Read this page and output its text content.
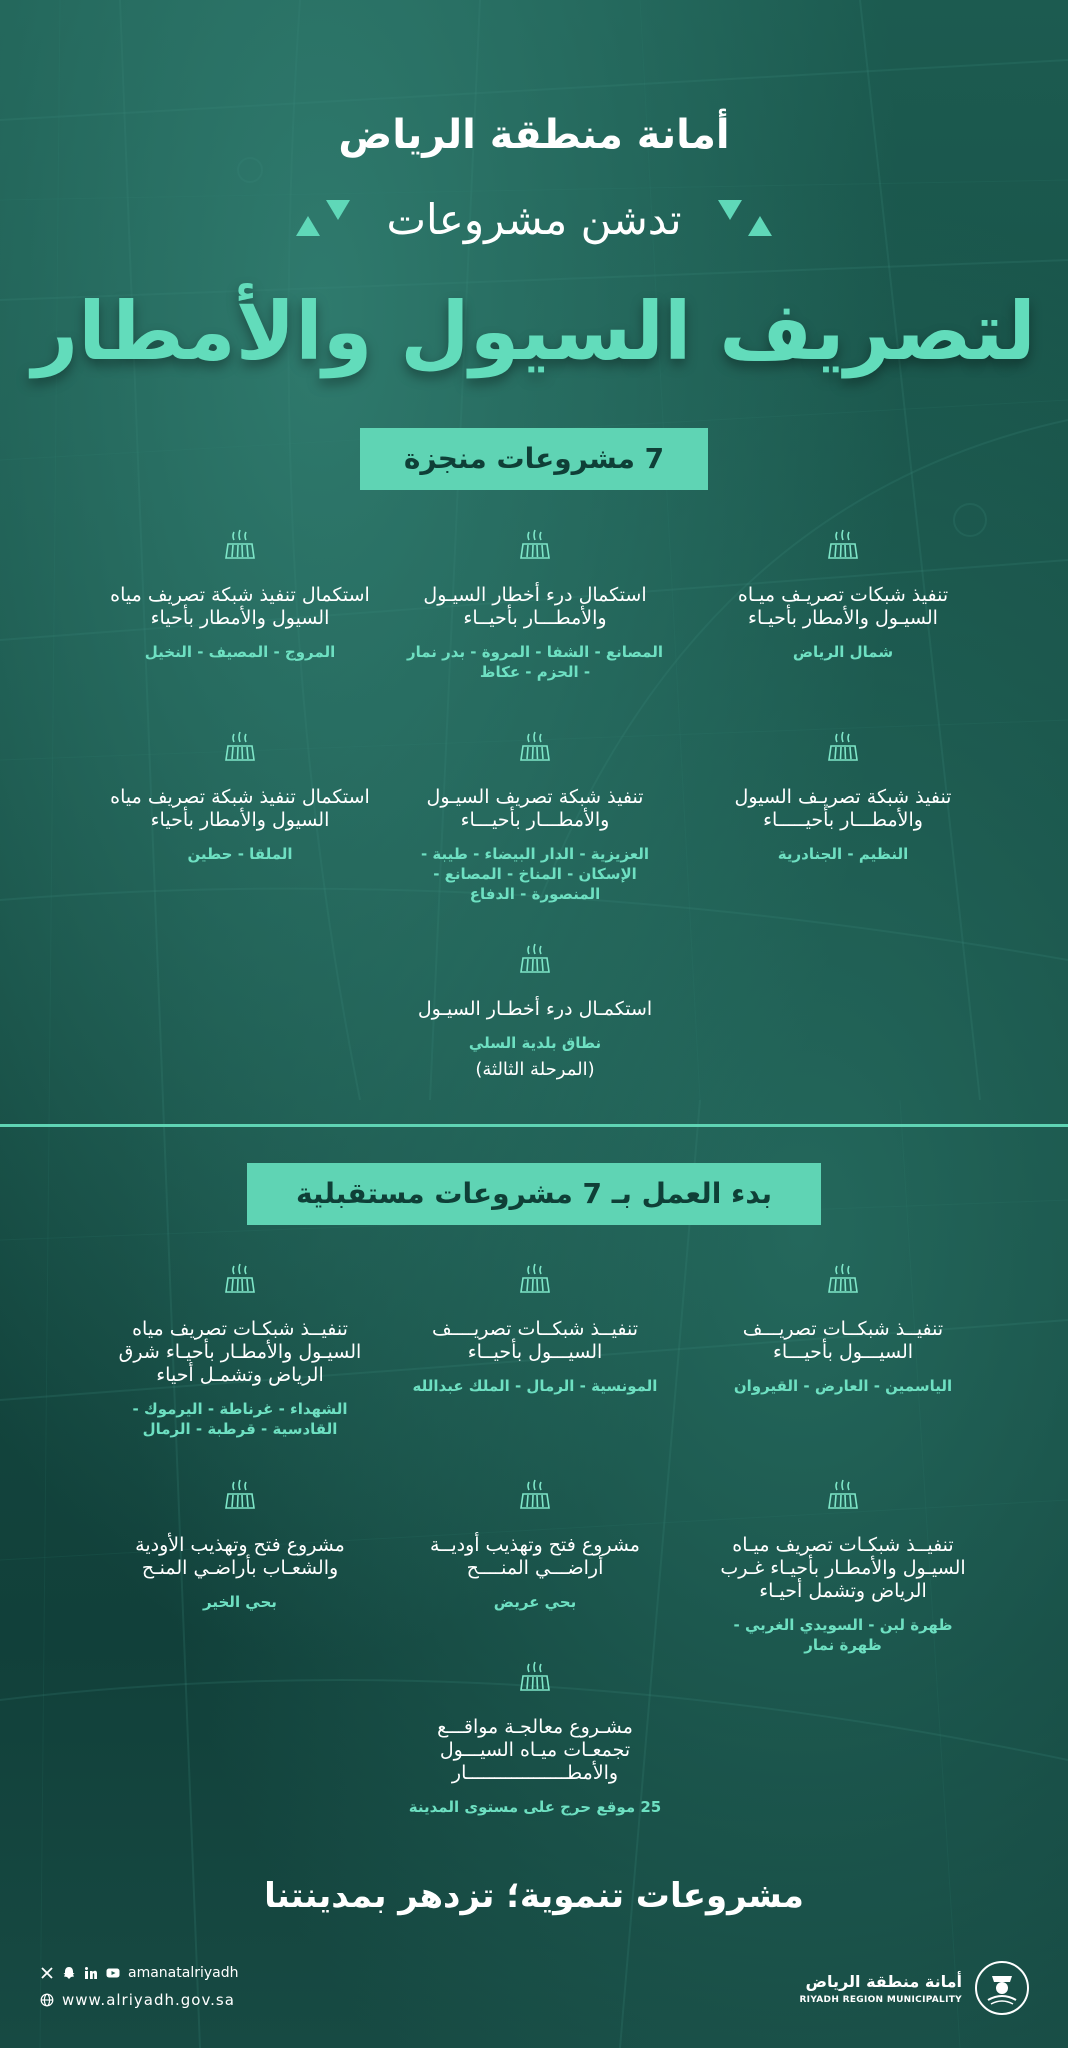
أمانة منطقة الرياض
تدشن مشروعات
لتصريف السيول والأمطار
7 مشروعات منجزة
تنفيذ شبكات تصريـف ميـاه السيـول والأمطار بأحيـاء
شمال الرياض
استكمال درء أخطار السيـول والأمطـــار بأحيــاء
المصانع - الشفا - المروة - بدر نمار - الحزم - عكاظ
استكمال تنفيذ شبكة تصريف مياه السيول والأمطار بأحياء
المروج - المصيف - النخيل
تنفيذ شبكة تصريـف السيول والأمطـــار بأحيـــــاء
النظيم - الجنادرية
تنفيذ شبكة تصريف السيـول والأمطـــار بأحيـــاء
العزيزية - الدار البيضاء - طيبة - الإسكان - المناخ - المصانع - المنصورة - الدفاع
استكمال تنفيذ شبكة تصريف مياه السيول والأمطار بأحياء
الملقا - حطين
استكمـال درء أخطـار السيـول
نطاق بلدية السلي
(المرحلة الثالثة)
بدء العمل بـ 7 مشروعات مستقبلية
تنفيــذ شبكــات تصريـــف السيـــول بأحيـــاء
الياسمين - العارض - القيروان
تنفيــذ شبكــات تصريــــف السيـــول بأحيــاء
المونسية - الرمال - الملك عبدالله
تنفيــذ شبكـات تصريف مياه السيـول والأمطـار بأحيـاء شرق الرياض وتشمـل أحياء
الشهداء - غرناطة - اليرموك - القادسية - قرطبة - الرمال
تنفيــذ شبكـات تصريف ميـاه السيـول والأمطـار بأحيـاء غـرب الرياض وتشمل أحيـاء
ظهرة لبن - السويدي الغربي - ظهرة نمار
مشروع فتح وتهذيب أوديــة أراضـــي المنــــح
بحي عريض
مشروع فتح وتهذيب الأودية والشعـاب بأراضـي المنـح
بحي الخير
مشـروع معالجـة مواقـــع تجمعـات ميـاه السيـــول والأمطــــــــــــــــــار
25 موقع حرج على مستوى المدينة
مشروعات تنموية؛ تزدهر بمدينتنا
amanatalriyadh
www.alriyadh.gov.sa
أمانة منطقة الرياض
RIYADH REGION MUNICIPALITY
